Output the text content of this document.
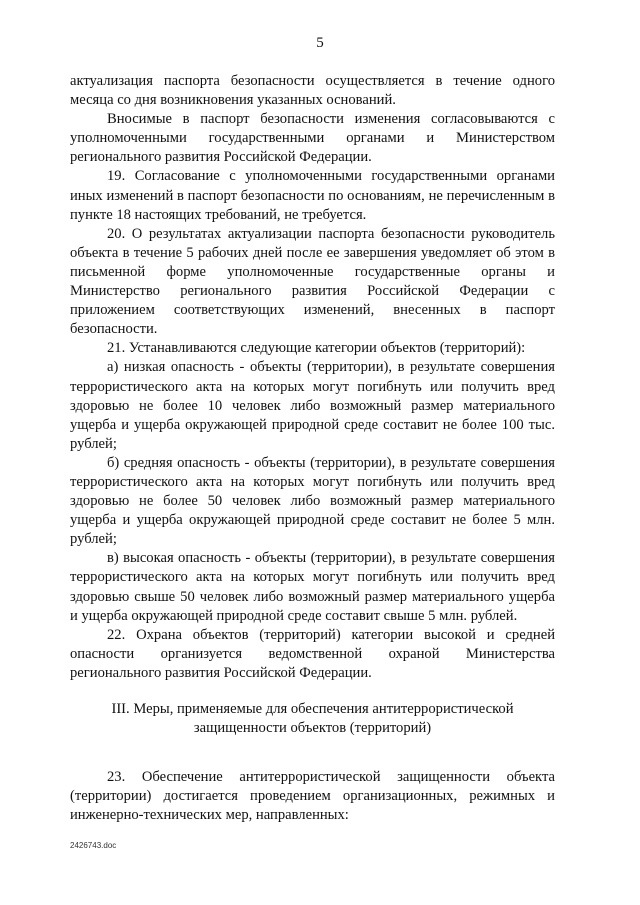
5

актуализация паспорта безопасности осуществляется в течение одного месяца со дня возникновения указанных оснований.

Вносимые в паспорт безопасности изменения согласовываются с уполномоченными государственными органами и Министерством регионального развития Российской Федерации.

19. Согласование с уполномоченными государственными органами иных изменений в паспорт безопасности по основаниям, не перечисленным в пункте 18 настоящих требований, не требуется.

20. О результатах актуализации паспорта безопасности руководитель объекта в течение 5 рабочих дней после ее завершения уведомляет об этом в письменной форме уполномоченные государственные органы и Министерство регионального развития Российской Федерации с приложением соответствующих изменений, внесенных в паспорт безопасности.

21. Устанавливаются следующие категории объектов (территорий):

а) низкая опасность - объекты (территории), в результате совершения террористического акта на которых могут погибнуть или получить вред здоровью не более 10 человек либо возможный размер материального ущерба и ущерба окружающей природной среде составит не более 100 тыс. рублей;

б) средняя опасность - объекты (территории), в результате совершения террористического акта на которых могут погибнуть или получить вред здоровью не более 50 человек либо возможный размер материального ущерба и ущерба окружающей природной среде составит не более 5 млн. рублей;

в) высокая опасность - объекты (территории), в результате совершения террористического акта на которых могут погибнуть или получить вред здоровью свыше 50 человек либо возможный размер материального ущерба и ущерба окружающей природной среде составит свыше 5 млн. рублей.

22. Охрана объектов (территорий) категории высокой и средней опасности организуется ведомственной охраной Министерства регионального развития Российской Федерации.

III. Меры, применяемые для обеспечения антитеррористической
защищенности объектов (территорий)

23. Обеспечение антитеррористической защищенности объекта (территории) достигается проведением организационных, режимных и инженерно-технических мер, направленных:

2426743.doc
